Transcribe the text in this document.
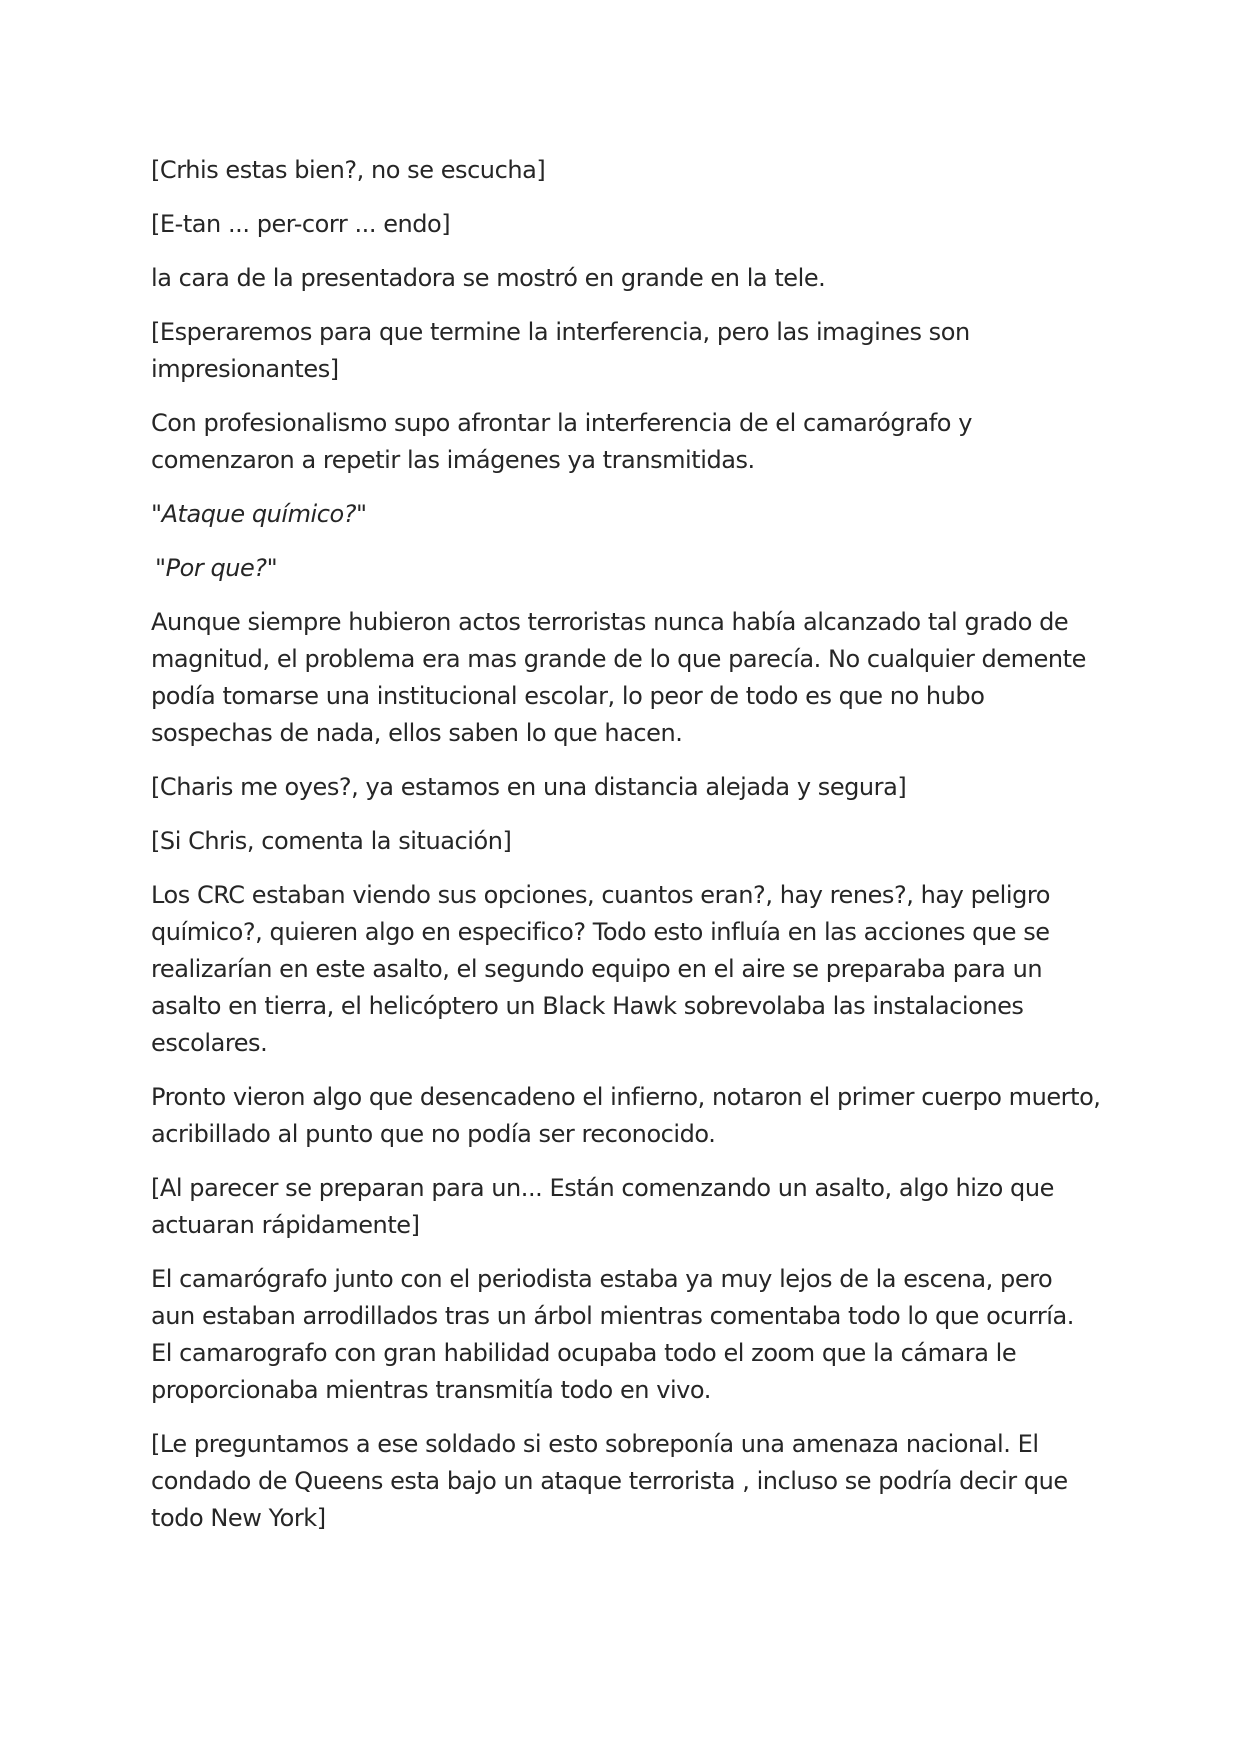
[Crhis estas bien?, no se escucha]

[E-tan ... per-corr ... endo]

la cara de la presentadora se mostró en grande en la tele.

[Esperaremos para que termine la interferencia, pero las imagines son impresionantes]

Con profesionalismo supo afrontar la interferencia de el camarógrafo y comenzaron a repetir las imágenes ya transmitidas.

"Ataque químico?"

"Por que?"

Aunque siempre hubieron actos terroristas nunca había alcanzado tal grado de magnitud, el problema era mas grande de lo que parecía. No cualquier demente podía tomarse una institucional escolar, lo peor de todo es que no hubo sospechas de nada, ellos saben lo que hacen.

[Charis me oyes?, ya estamos en una distancia alejada y segura]

[Si Chris, comenta la situación]

Los CRC estaban viendo sus opciones, cuantos eran?, hay renes?, hay peligro químico?, quieren algo en especifico? Todo esto influía en las acciones que se realizarían en este asalto, el segundo equipo en el aire se preparaba para un asalto en tierra, el helicóptero un Black Hawk sobrevolaba las instalaciones escolares.

Pronto vieron algo que desencadeno el infierno, notaron el primer cuerpo muerto, acribillado al punto que no podía ser reconocido.

[Al parecer se preparan para un... Están comenzando un asalto, algo hizo que actuaran rápidamente]

El camarógrafo junto con el periodista estaba ya muy lejos de la escena, pero aun estaban arrodillados tras un árbol mientras comentaba todo lo que ocurría. El camarografo con gran habilidad ocupaba todo el zoom que la cámara le proporcionaba mientras transmitía todo en vivo.

[Le preguntamos a ese soldado si esto sobreponía una amenaza nacional. El condado de Queens esta bajo un ataque terrorista , incluso se podría decir que todo New York]
